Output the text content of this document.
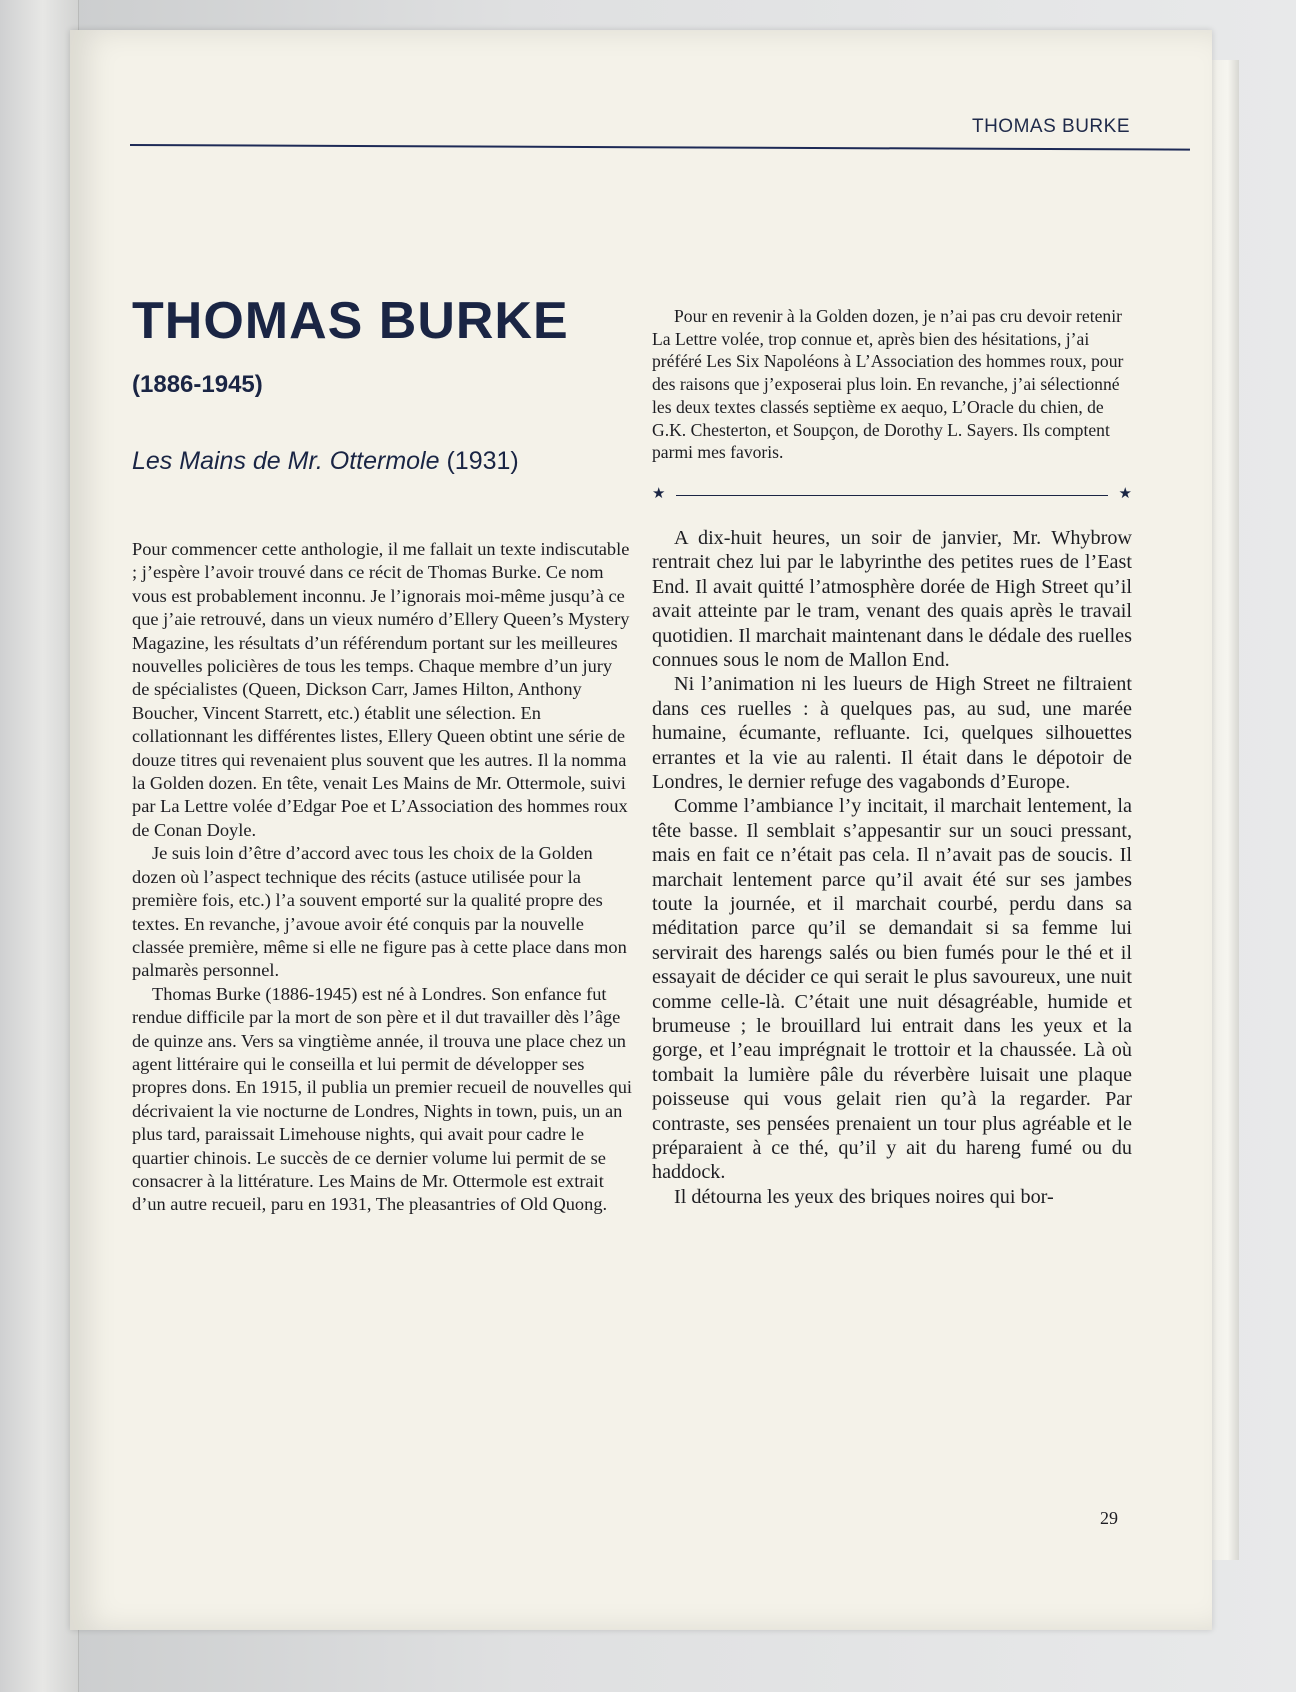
THOMAS BURKE
THOMAS BURKE
(1886-1945)
Les Mains de Mr. Ottermole (1931)

Pour commencer cette anthologie, il me fallait un texte indiscutable ; j’espère l’avoir trouvé dans ce récit de Thomas Burke. Ce nom vous est probablement inconnu. Je l’ignorais moi-même jusqu’à ce que j’aie retrouvé, dans un vieux numéro d’Ellery Queen’s Mystery Magazine, les résultats d’un référendum portant sur les meilleures nouvelles policières de tous les temps. Chaque membre d’un jury de spécialistes (Queen, Dickson Carr, James Hilton, Anthony Boucher, Vincent Starrett, etc.) établit une sélection. En collationnant les différentes listes, Ellery Queen obtint une série de douze titres qui revenaient plus souvent que les autres. Il la nomma la Golden dozen. En tête, venait Les Mains de Mr. Ottermole, suivi par La Lettre volée d’Edgar Poe et L’Association des hommes roux de Conan Doyle.

Je suis loin d’être d’accord avec tous les choix de la Golden dozen où l’aspect technique des récits (astuce utilisée pour la première fois, etc.) l’a souvent emporté sur la qualité propre des textes. En revanche, j’avoue avoir été conquis par la nouvelle classée première, même si elle ne figure pas à cette place dans mon palmarès personnel.

Thomas Burke (1886-1945) est né à Londres. Son enfance fut rendue difficile par la mort de son père et il dut travailler dès l’âge de quinze ans. Vers sa vingtième année, il trouva une place chez un agent littéraire qui le conseilla et lui permit de développer ses propres dons. En 1915, il publia un premier recueil de nouvelles qui décrivaient la vie nocturne de Londres, Nights in town, puis, un an plus tard, paraissait Limehouse nights, qui avait pour cadre le quartier chinois. Le succès de ce dernier volume lui permit de se consacrer à la littérature. Les Mains de Mr. Ottermole est extrait d’un autre recueil, paru en 1931, The pleasantries of Old Quong.

Pour en revenir à la Golden dozen, je n’ai pas cru devoir retenir La Lettre volée, trop connue et, après bien des hésitations, j’ai préféré Les Six Napoléons à L’Association des hommes roux, pour des raisons que j’exposerai plus loin. En revanche, j’ai sélectionné les deux textes classés septième ex aequo, L’Oracle du chien, de G.K. Chesterton, et Soupçon, de Dorothy L. Sayers. Ils comptent parmi mes favoris.

★	★

A dix-huit heures, un soir de janvier, Mr. Whybrow rentrait chez lui par le labyrinthe des petites rues de l’East End. Il avait quitté l’atmosphère dorée de High Street qu’il avait atteinte par le tram, venant des quais après le travail quotidien. Il marchait maintenant dans le dédale des ruelles connues sous le nom de Mallon End.

Ni l’animation ni les lueurs de High Street ne filtraient dans ces ruelles : à quelques pas, au sud, une marée humaine, écumante, refluante. Ici, quelques silhouettes errantes et la vie au ralenti. Il était dans le dépotoir de Londres, le dernier refuge des vagabonds d’Europe.

Comme l’ambiance l’y incitait, il marchait lentement, la tête basse. Il semblait s’appesantir sur un souci pressant, mais en fait ce n’était pas cela. Il n’avait pas de soucis. Il marchait lentement parce qu’il avait été sur ses jambes toute la journée, et il marchait courbé, perdu dans sa méditation parce qu’il se demandait si sa femme lui servirait des harengs salés ou bien fumés pour le thé et il essayait de décider ce qui serait le plus savoureux, une nuit comme celle-là. C’était une nuit désagréable, humide et brumeuse ; le brouillard lui entrait dans les yeux et la gorge, et l’eau imprégnait le trottoir et la chaussée. Là où tombait la lumière pâle du réverbère luisait une plaque poisseuse qui vous gelait rien qu’à la regarder. Par contraste, ses pensées prenaient un tour plus agréable et le préparaient à ce thé, qu’il y ait du hareng fumé ou du haddock.

Il détourna les yeux des briques noires qui bor-

29
